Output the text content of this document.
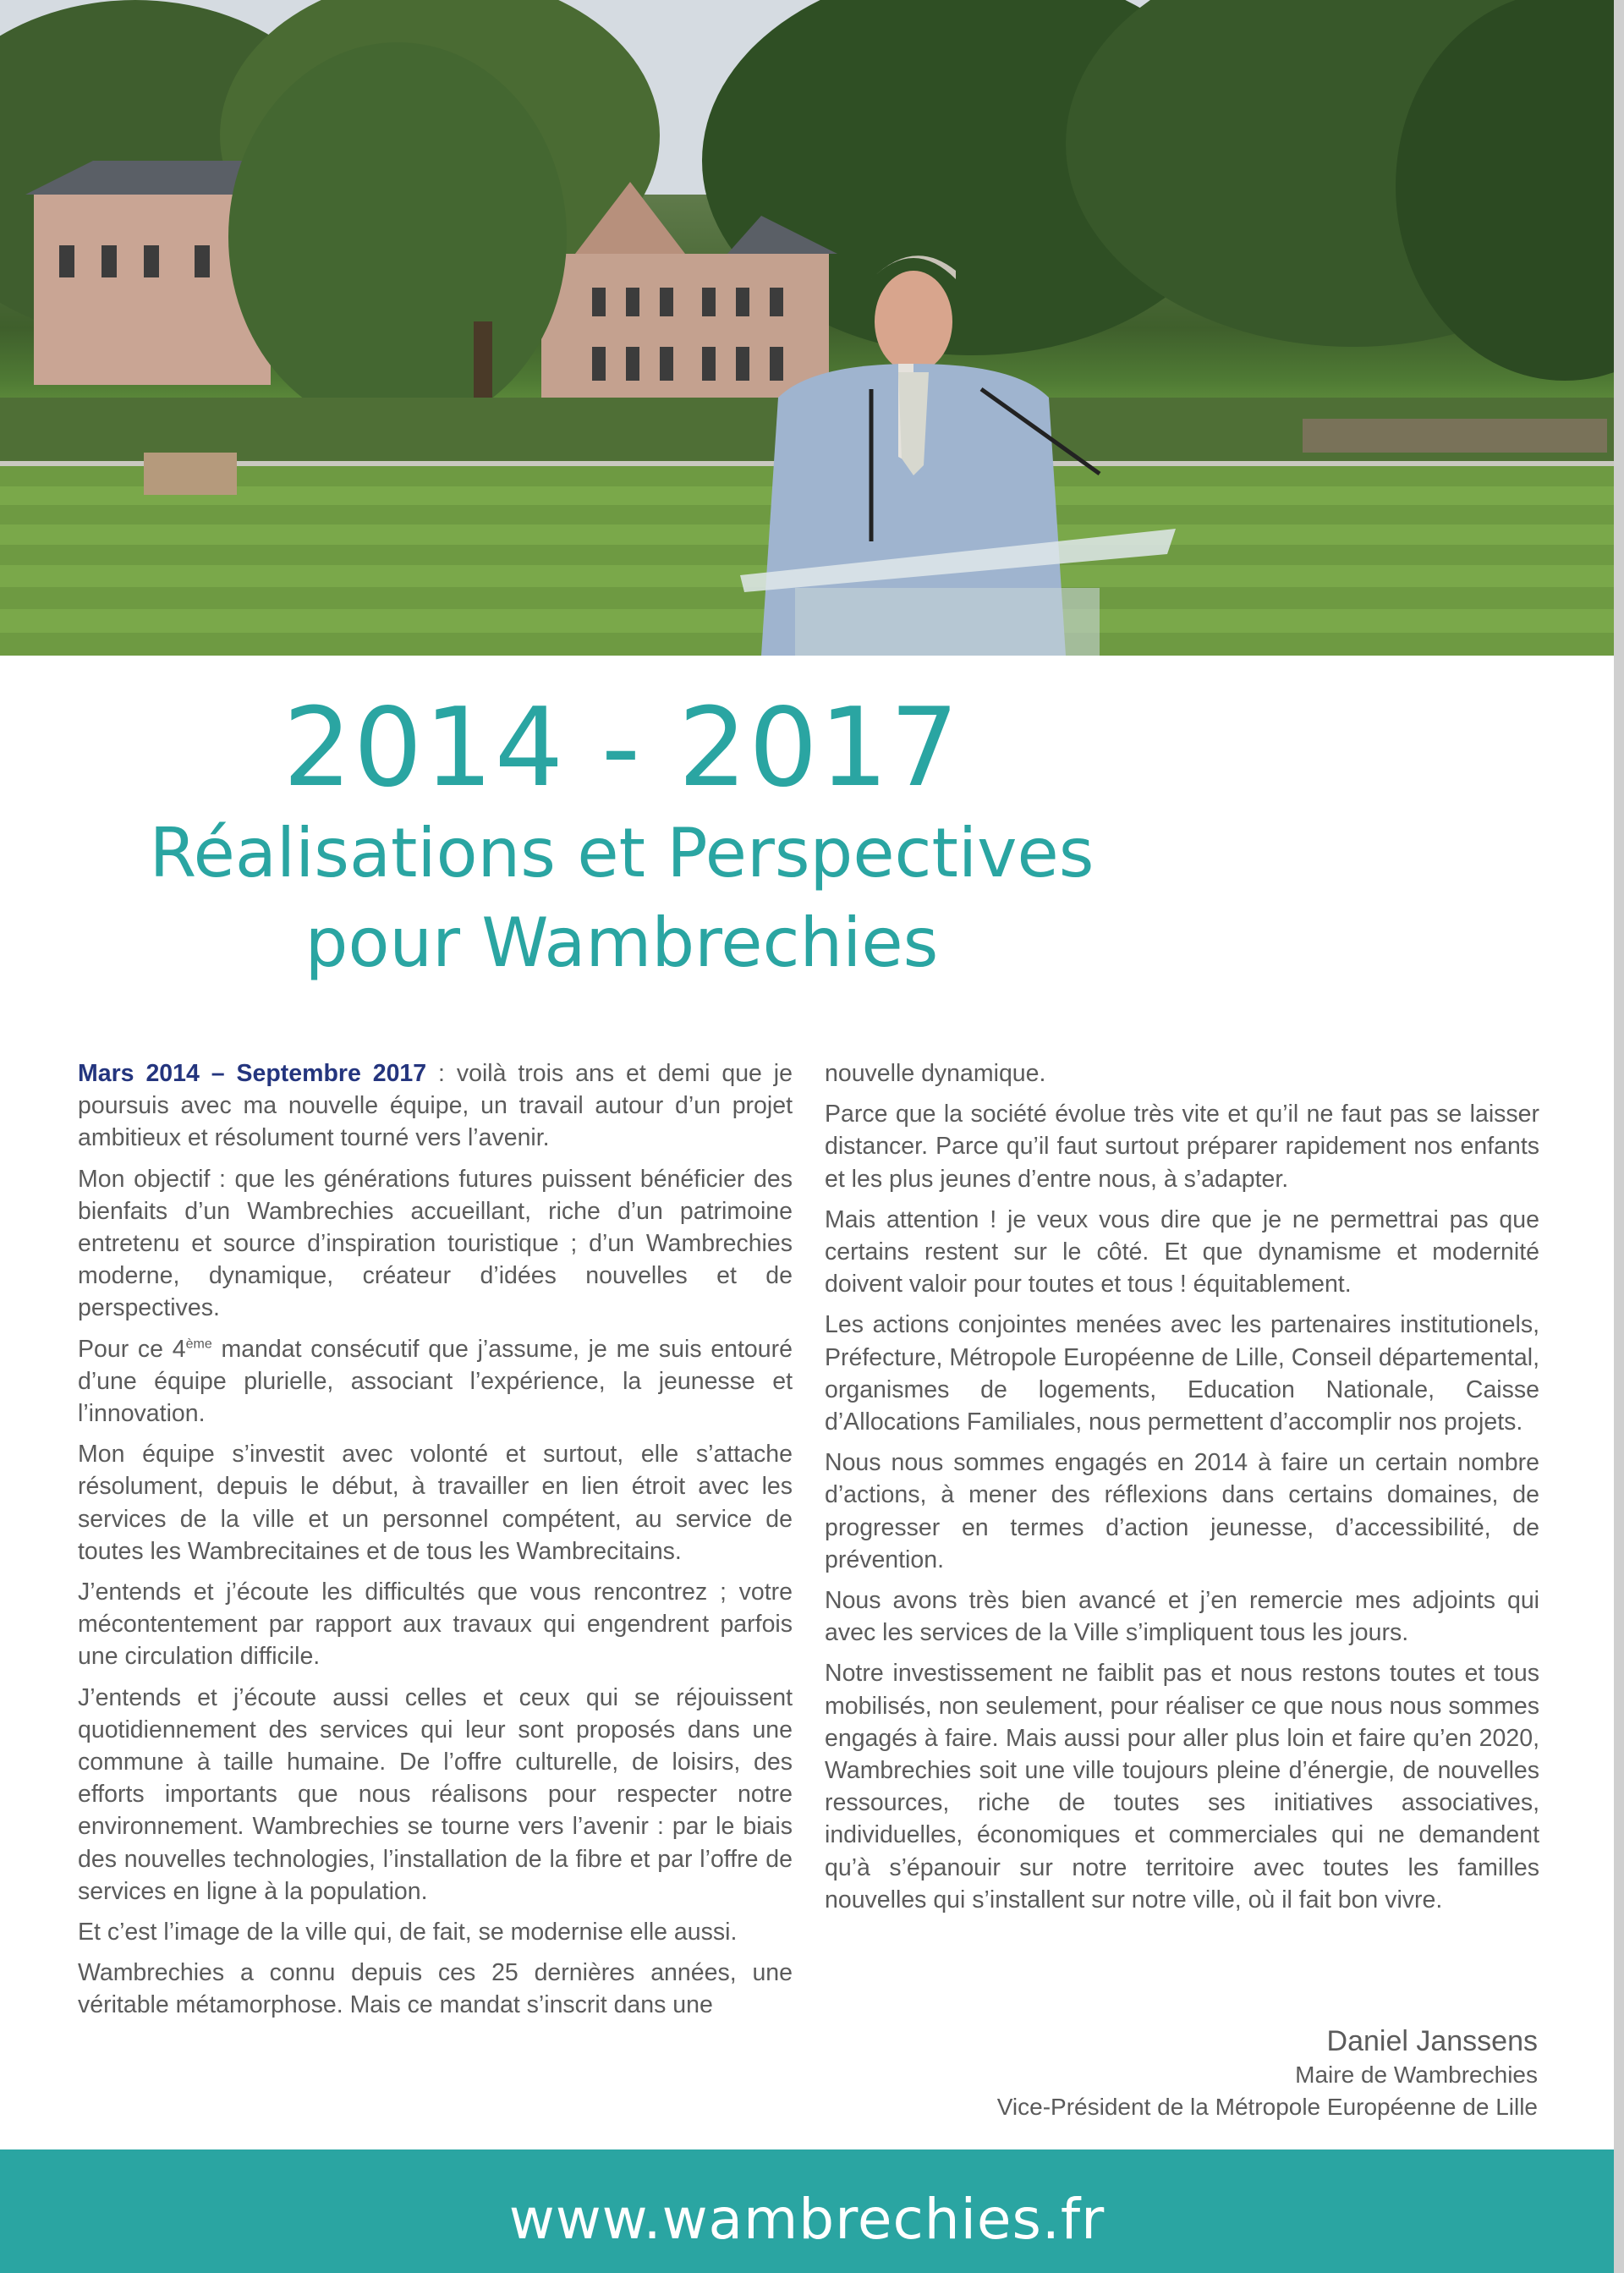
2014 - 2017
Réalisations et Perspectives
pour Wambrechies

Mars 2014 – Septembre 2017 : voilà trois ans et demi que je poursuis avec ma nouvelle équipe, un travail autour d’un projet ambitieux et résolument tourné vers l’avenir.

Mon objectif : que les générations futures puissent bénéficier des bienfaits d’un Wambrechies accueillant, riche d’un patrimoine entretenu et source d’inspiration touristique ; d’un Wambrechies moderne, dynamique, créateur d’idées nouvelles et de perspectives.

Pour ce 4ème mandat consécutif que j’assume, je me suis entouré d’une équipe plurielle, associant l’expérience, la jeunesse et l’innovation.

Mon équipe s’investit avec volonté et surtout, elle s’attache résolument, depuis le début, à travailler en lien étroit avec les services de la ville et un personnel compétent, au service de toutes les Wambrecitaines et de tous les Wambrecitains.

J’entends et j’écoute les difficultés que vous rencontrez ; votre mécontentement par rapport aux travaux qui engendrent parfois une circulation difficile.

J’entends et j’écoute aussi celles et ceux qui se réjouissent quotidiennement des services qui leur sont proposés dans une commune à taille humaine. De l’offre culturelle, de loisirs, des efforts importants que nous réalisons pour respecter notre environnement. Wambrechies se tourne vers l’avenir : par le biais des nouvelles technologies, l’installation de la fibre et par l’offre de services en ligne à la population.

Et c’est l’image de la ville qui, de fait, se modernise elle aussi.

Wambrechies a connu depuis ces 25 dernières années, une véritable métamorphose. Mais ce mandat s’inscrit dans une

nouvelle dynamique.

Parce que la société évolue très vite et qu’il ne faut pas se laisser distancer. Parce qu’il faut surtout préparer rapidement nos enfants et les plus jeunes d’entre nous, à s’adapter.

Mais attention ! je veux vous dire que je ne permettrai pas que certains restent sur le côté. Et que dynamisme et modernité doivent valoir pour toutes et tous ! équitablement.

Les actions conjointes menées avec les partenaires institutionels, Préfecture, Métropole Européenne de Lille, Conseil départemental, organismes de logements, Education Nationale, Caisse d’Allocations Familiales, nous permettent d’accomplir nos projets.

Nous nous sommes engagés en 2014 à faire un certain nombre d’actions, à mener des réflexions dans certains domaines, de progresser en termes d’action jeunesse, d’accessibilité, de prévention.

Nous avons très bien avancé et j’en remercie mes adjoints qui avec les services de la Ville s’impliquent tous les jours.

Notre investissement ne faiblit pas et nous restons toutes et tous mobilisés, non seulement, pour réaliser ce que nous nous sommes engagés à faire. Mais aussi pour aller plus loin et faire qu’en 2020, Wambrechies soit une ville toujours pleine d’énergie, de nouvelles ressources, riche de toutes ses initiatives associatives, individuelles, économiques et commerciales qui ne demandent qu’à s’épanouir sur notre territoire avec toutes les familles nouvelles qui s’installent sur notre ville, où il fait bon vivre.

Daniel Janssens
Maire de Wambrechies
Vice-Président de la Métropole Européenne de Lille
www.wambrechies.fr
